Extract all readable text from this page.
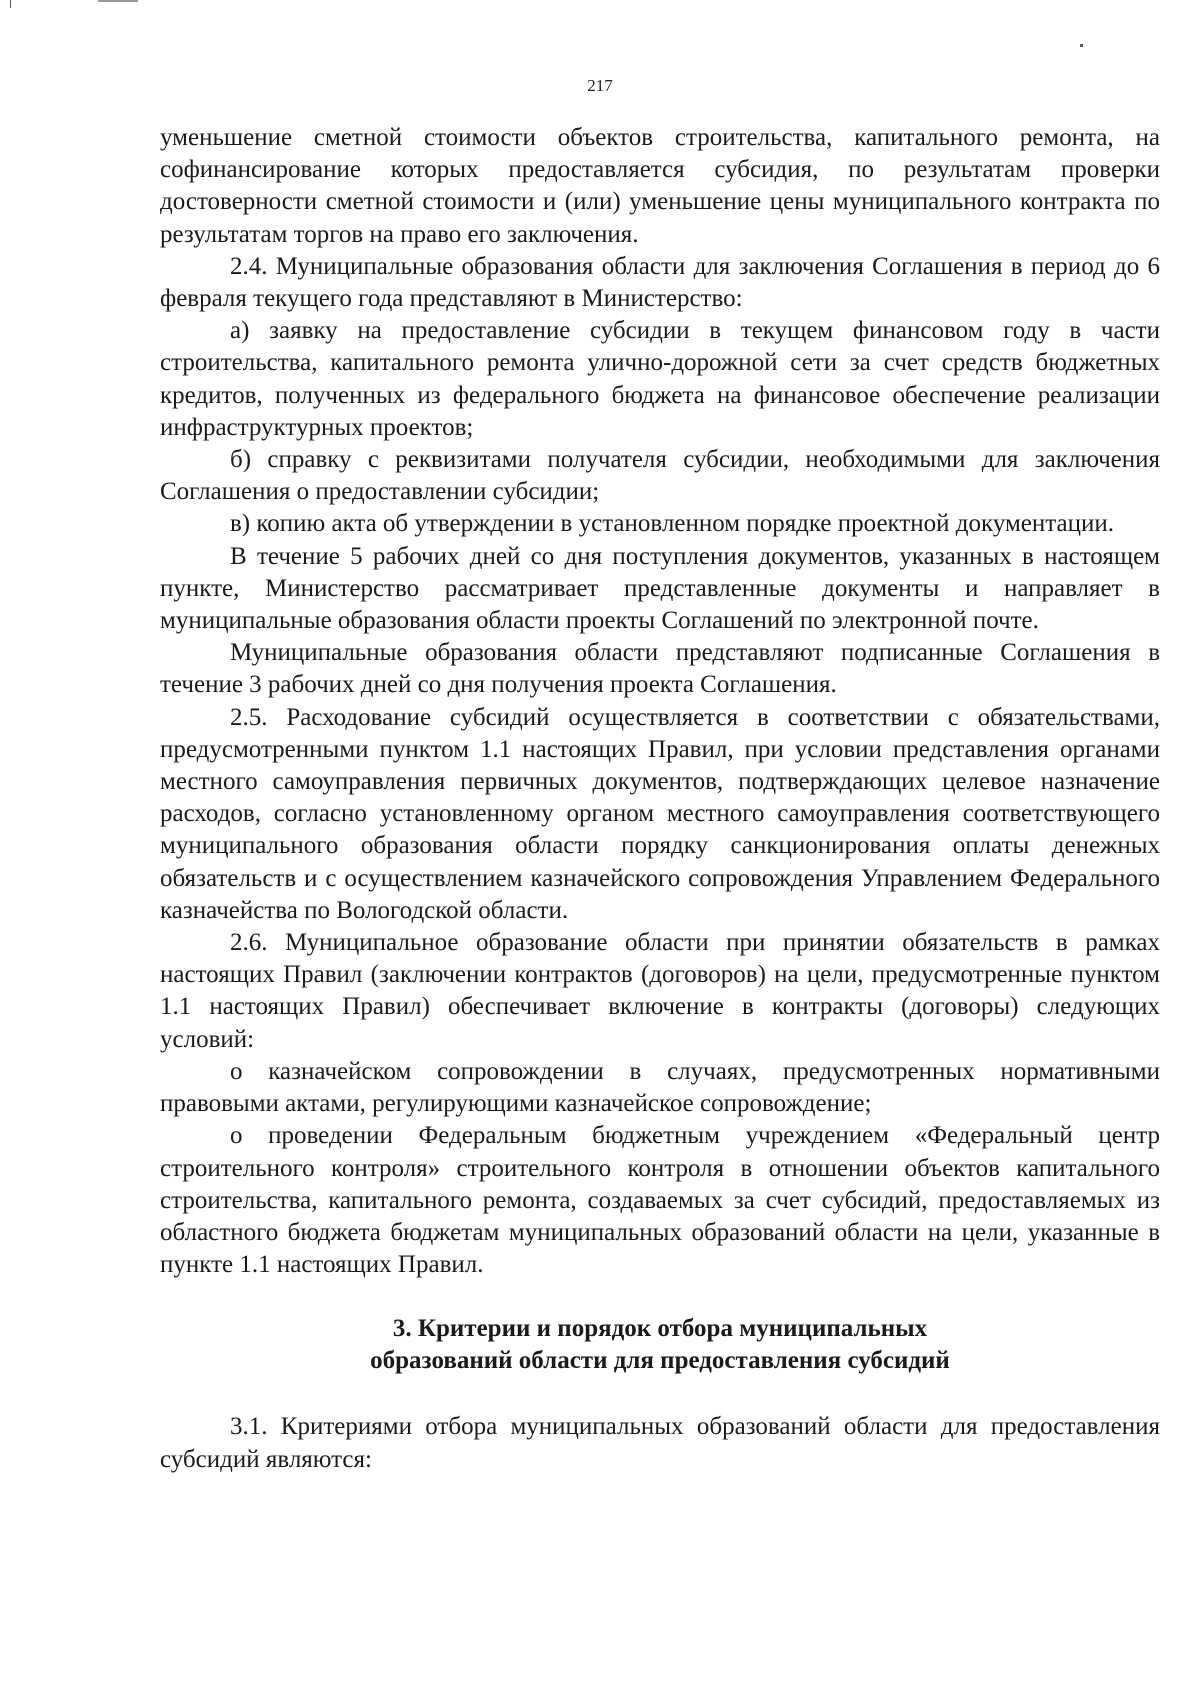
217

уменьшение сметной стоимости объектов строительства, капитального ремонта, на софинансирование которых предоставляется субсидия, по результатам проверки достоверности сметной стоимости и (или) уменьшение цены муниципального контракта по результатам торгов на право его заключения.

2.4. Муниципальные образования области для заключения Соглашения в период до 6 февраля текущего года представляют в Министерство:

а) заявку на предоставление субсидии в текущем финансовом году в части строительства, капитального ремонта улично-дорожной сети за счет средств бюджетных кредитов, полученных из федерального бюджета на финансовое обеспечение реализации инфраструктурных проектов;

б) справку с реквизитами получателя субсидии, необходимыми для заключения Соглашения о предоставлении субсидии;

в) копию акта об утверждении в установленном порядке проектной документации.

В течение 5 рабочих дней со дня поступления документов, указанных в настоящем пункте, Министерство рассматривает представленные документы и направляет в муниципальные образования области проекты Соглашений по электронной почте.

Муниципальные образования области представляют подписанные Соглашения в течение 3 рабочих дней со дня получения проекта Соглашения.

2.5. Расходование субсидий осуществляется в соответствии с обязательствами, предусмотренными пунктом 1.1 настоящих Правил, при условии представления органами местного самоуправления первичных документов, подтверждающих целевое назначение расходов, согласно установленному органом местного самоуправления соответствующего муниципального образования области порядку санкционирования оплаты денежных обязательств и с осуществлением казначейского сопровождения Управлением Федерального казначейства по Вологодской области.

2.6. Муниципальное образование области при принятии обязательств в рамках настоящих Правил (заключении контрактов (договоров) на цели, предусмотренные пунктом 1.1 настоящих Правил) обеспечивает включение в контракты (договоры) следующих условий:

о казначейском сопровождении в случаях, предусмотренных нормативными правовыми актами, регулирующими казначейское сопровождение;

о проведении Федеральным бюджетным учреждением «Федеральный центр строительного контроля» строительного контроля в отношении объектов капитального строительства, капитального ремонта, создаваемых за счет субсидий, предоставляемых из областного бюджета бюджетам муниципальных образований области на цели, указанные в пункте 1.1 настоящих Правил.

3. Критерии и порядок отбора муниципальных
образований области для предоставления субсидий

3.1. Критериями отбора муниципальных образований области для предоставления субсидий являются:
